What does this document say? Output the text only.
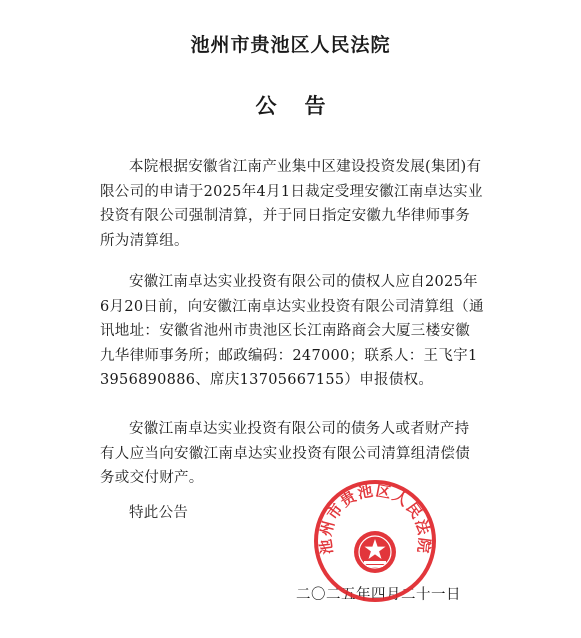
池州市贵池区人民法院
公告

本院根据安徽省江南产业集中区建设投资发展(集团)有限公司的申请于2025年4月1日裁定受理安徽江南卓达实业投资有限公司强制清算，并于同日指定安徽九华律师事务所为清算组。

安徽江南卓达实业投资有限公司的债权人应自2025年6月20日前，向安徽江南卓达实业投资有限公司清算组（通讯地址：安徽省池州市贵池区长江南路商会大厦三楼安徽九华律师事务所；邮政编码：247000；联系人：王飞宇13956890886、席庆13705667155）申报债权。

安徽江南卓达实业投资有限公司的债务人或者财产持有人应当向安徽江南卓达实业投资有限公司清算组清偿债务或交付财产。

特此公告

二〇二五年四月二十一日
池州市贵池区人民法院
